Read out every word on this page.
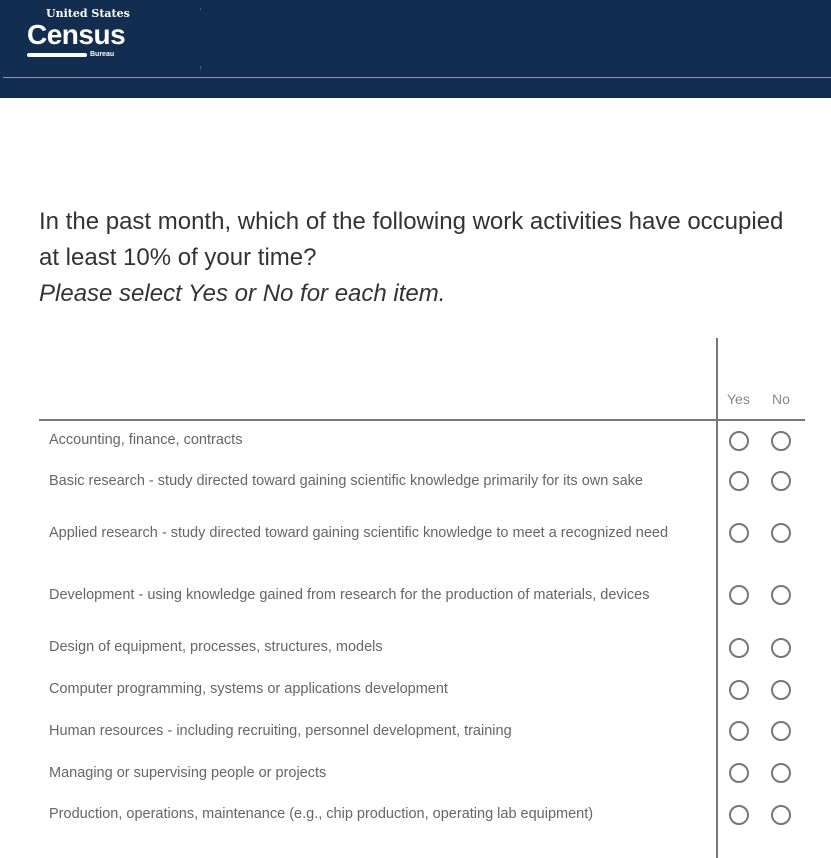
United States
Census
Bureau
In the past month, which of the following work activities have occupied at least 10% of your time?
Please select Yes or No for each item.
Yes No
Accounting, finance, contracts
Basic research - study directed toward gaining scientific knowledge primarily for its own sake
Applied research - study directed toward gaining scientific knowledge to meet a recognized need
Development - using knowledge gained from research for the production of materials, devices
Design of equipment, processes, structures, models
Computer programming, systems or applications development
Human resources - including recruiting, personnel development, training
Managing or supervising people or projects
Production, operations, maintenance (e.g., chip production, operating lab equipment)
